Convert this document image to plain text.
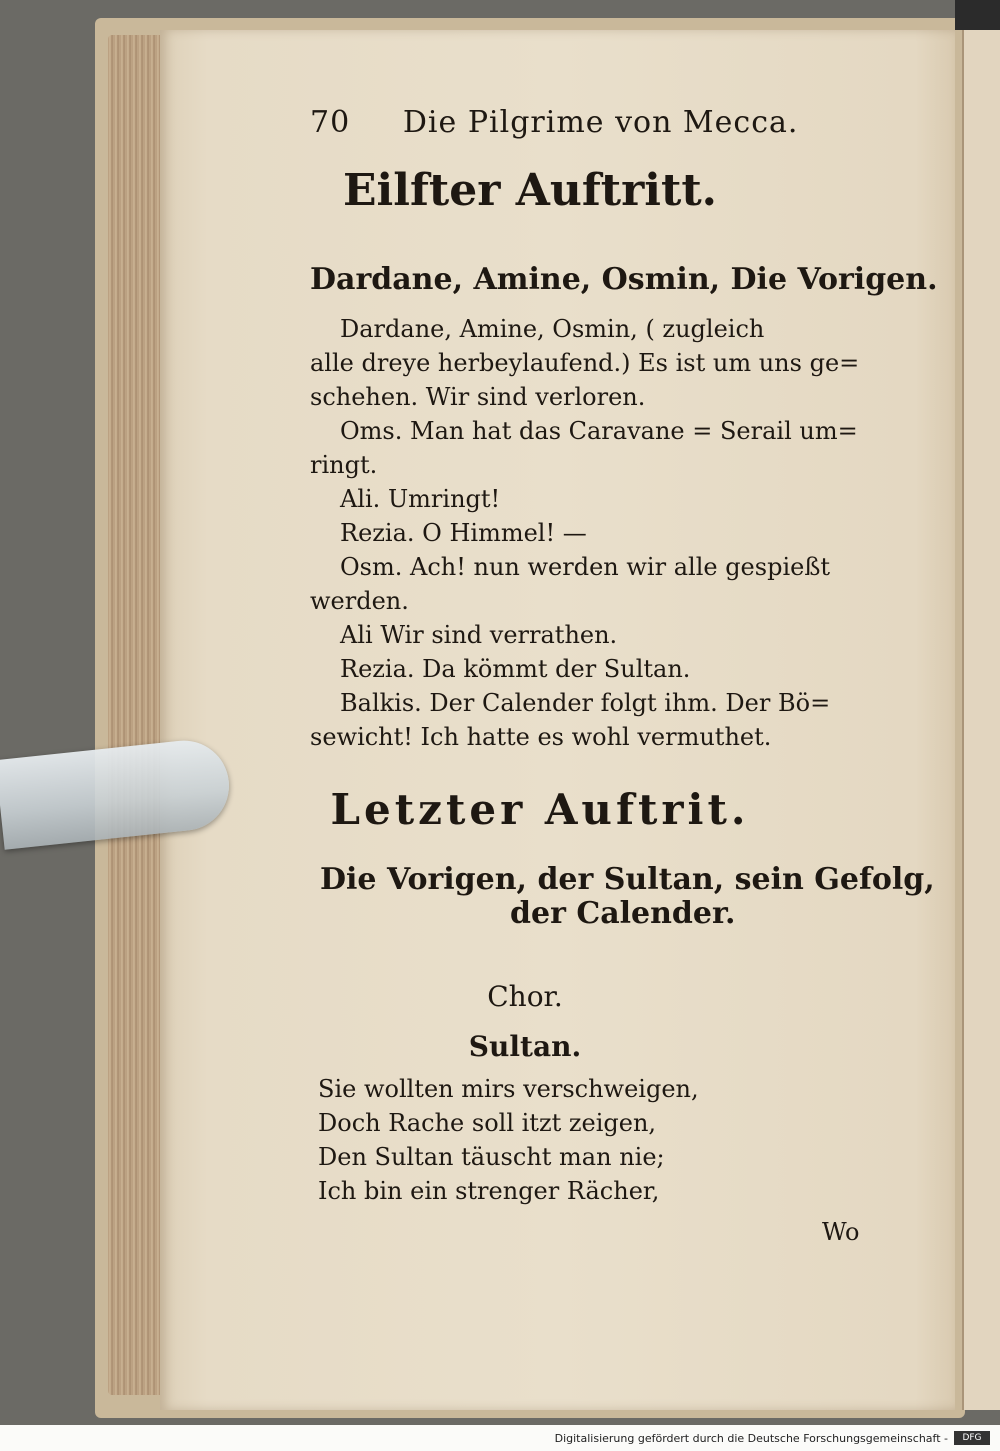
70 Die Pilgrime von Mecca.
Eilfter Auftritt.
Dardane, Amine, Osmin, Die Vorigen.
Dardane, Amine, Osmin, ( zugleich
alle dreye herbeylaufend.) Es ist um uns ge=
schehen. Wir sind verloren.
Oms. Man hat das Caravane = Serail um=
ringt.
Ali. Umringt!
Rezia. O Himmel! —
Osm. Ach! nun werden wir alle gespießt
werden.
Ali Wir sind verrathen.
Rezia. Da kömmt der Sultan.
Balkis. Der Calender folgt ihm. Der Bö=
sewicht! Ich hatte es wohl vermuthet.
Letzter Auftrit.
Die Vorigen, der Sultan, sein Gefolg,
der Calender.
Chor.
Sultan.
Sie wollten mirs verschweigen,
Doch Rache soll itzt zeigen,
Den Sultan täuscht man nie;
Ich bin ein strenger Rächer,
Wo
Digitalisierung gefördert durch die Deutsche Forschungsgemeinschaft -	DFG
